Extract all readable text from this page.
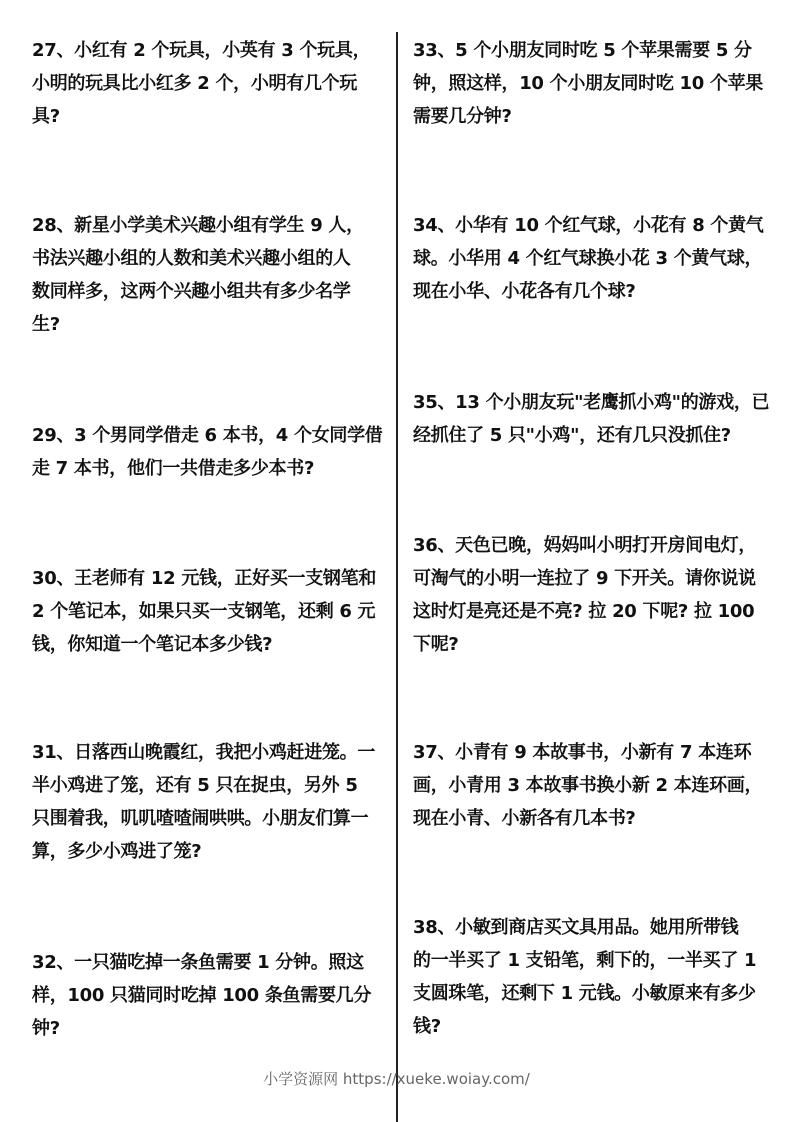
27、小红有 2 个玩具，小英有 3 个玩具，
小明的玩具比小红多 2 个，小明有几个玩
具?
28、新星小学美术兴趣小组有学生 9 人，
书法兴趣小组的人数和美术兴趣小组的人
数同样多，这两个兴趣小组共有多少名学
生?
29、3 个男同学借走 6 本书，4 个女同学借
走 7 本书，他们一共借走多少本书?
30、王老师有 12 元钱，正好买一支钢笔和
2 个笔记本，如果只买一支钢笔，还剩 6 元
钱，你知道一个笔记本多少钱?
31、日落西山晚霞红，我把小鸡赶进笼。一
半小鸡进了笼，还有 5 只在捉虫，另外 5
只围着我，叽叽喳喳闹哄哄。小朋友们算一
算，多少小鸡进了笼?
32、一只猫吃掉一条鱼需要 1 分钟。照这
样，100 只猫同时吃掉 100 条鱼需要几分
钟?
33、5 个小朋友同时吃 5 个苹果需要 5 分
钟，照这样，10 个小朋友同时吃 10 个苹果
需要几分钟?
34、小华有 10 个红气球，小花有 8 个黄气
球。小华用 4 个红气球换小花 3 个黄气球，
现在小华、小花各有几个球?
35、13 个小朋友玩"老鹰抓小鸡"的游戏，已
经抓住了 5 只"小鸡"，还有几只没抓住?
36、天色已晚，妈妈叫小明打开房间电灯，
可淘气的小明一连拉了 9 下开关。请你说说
这时灯是亮还是不亮? 拉 20 下呢? 拉 100
下呢?
37、小青有 9 本故事书，小新有 7 本连环
画，小青用 3 本故事书换小新 2 本连环画，
现在小青、小新各有几本书?
38、小敏到商店买文具用品。她用所带钱
的一半买了 1 支铅笔，剩下的，一半买了 1
支圆珠笔，还剩下 1 元钱。小敏原来有多少
钱?
小学资源网 https://xueke.woiay.com/
